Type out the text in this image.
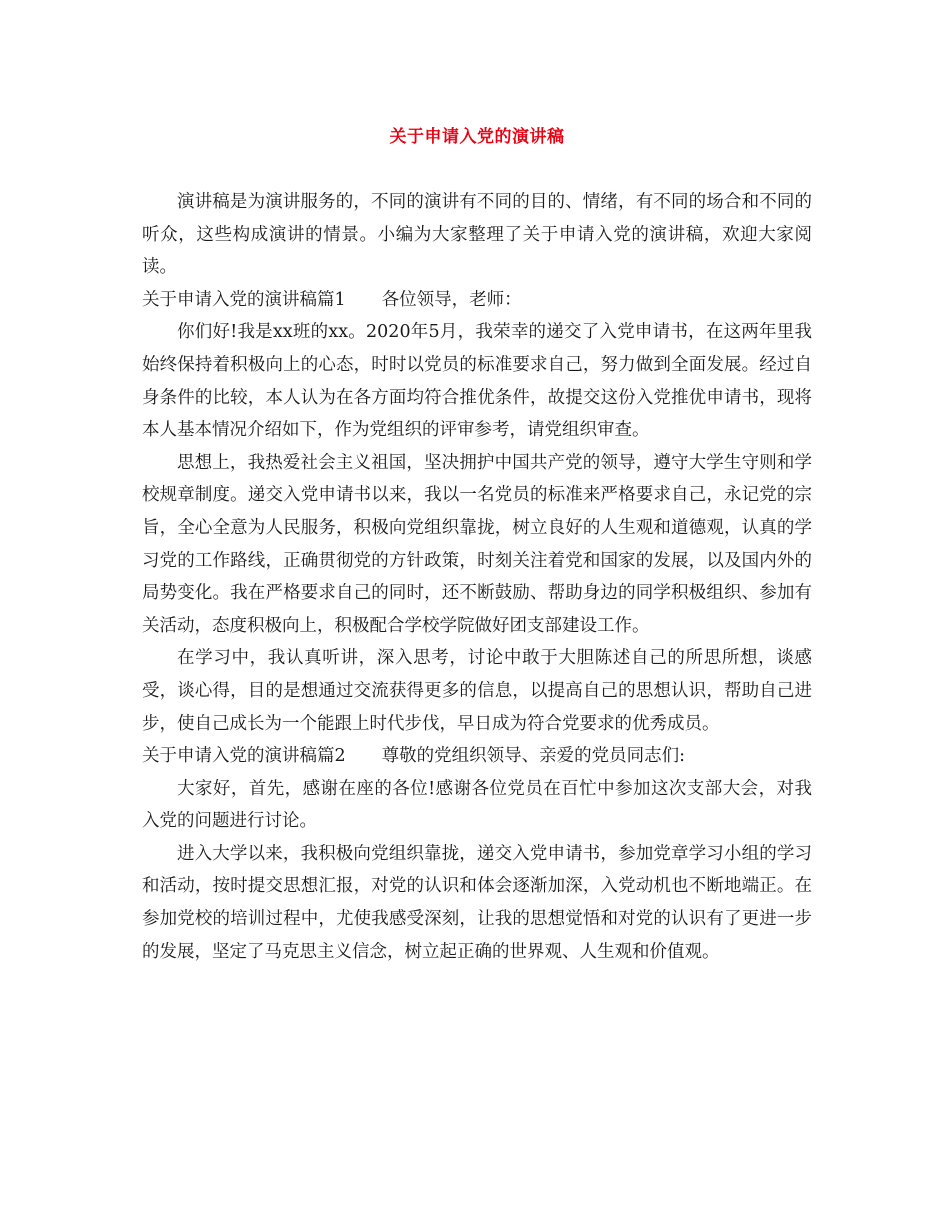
关于申请入党的演讲稿

演讲稿是为演讲服务的，不同的演讲有不同的目的、情绪，有不同的场合和不同的听众，这些构成演讲的情景。小编为大家整理了关于申请入党的演讲稿，欢迎大家阅读。

关于申请入党的演讲稿篇1 各位领导，老师：

你们好!我是xx班的xx。2020年5月，我荣幸的递交了入党申请书，在这两年里我始终保持着积极向上的心态，时时以党员的标准要求自己，努力做到全面发展。经过自身条件的比较，本人认为在各方面均符合推优条件，故提交这份入党推优申请书，现将本人基本情况介绍如下，作为党组织的评审参考，请党组织审查。

思想上，我热爱社会主义祖国，坚决拥护中国共产党的领导，遵守大学生守则和学校规章制度。递交入党申请书以来，我以一名党员的标准来严格要求自己，永记党的宗旨，全心全意为人民服务，积极向党组织靠拢，树立良好的人生观和道德观，认真的学习党的工作路线，正确贯彻党的方针政策，时刻关注着党和国家的发展，以及国内外的局势变化。我在严格要求自己的同时，还不断鼓励、帮助身边的同学积极组织、参加有关活动，态度积极向上，积极配合学校学院做好团支部建设工作。

在学习中，我认真听讲，深入思考，讨论中敢于大胆陈述自己的所思所想，谈感受，谈心得，目的是想通过交流获得更多的信息，以提高自己的思想认识，帮助自己进步，使自己成长为一个能跟上时代步伐，早日成为符合党要求的优秀成员。

关于申请入党的演讲稿篇2 尊敬的党组织领导、亲爱的党员同志们:

大家好，首先，感谢在座的各位!感谢各位党员在百忙中参加这次支部大会，对我入党的问题进行讨论。

进入大学以来，我积极向党组织靠拢，递交入党申请书，参加党章学习小组的学习和活动，按时提交思想汇报，对党的认识和体会逐渐加深，入党动机也不断地端正。在参加党校的培训过程中，尤使我感受深刻，让我的思想觉悟和对党的认识有了更进一步的发展，坚定了马克思主义信念，树立起正确的世界观、人生观和价值观。
